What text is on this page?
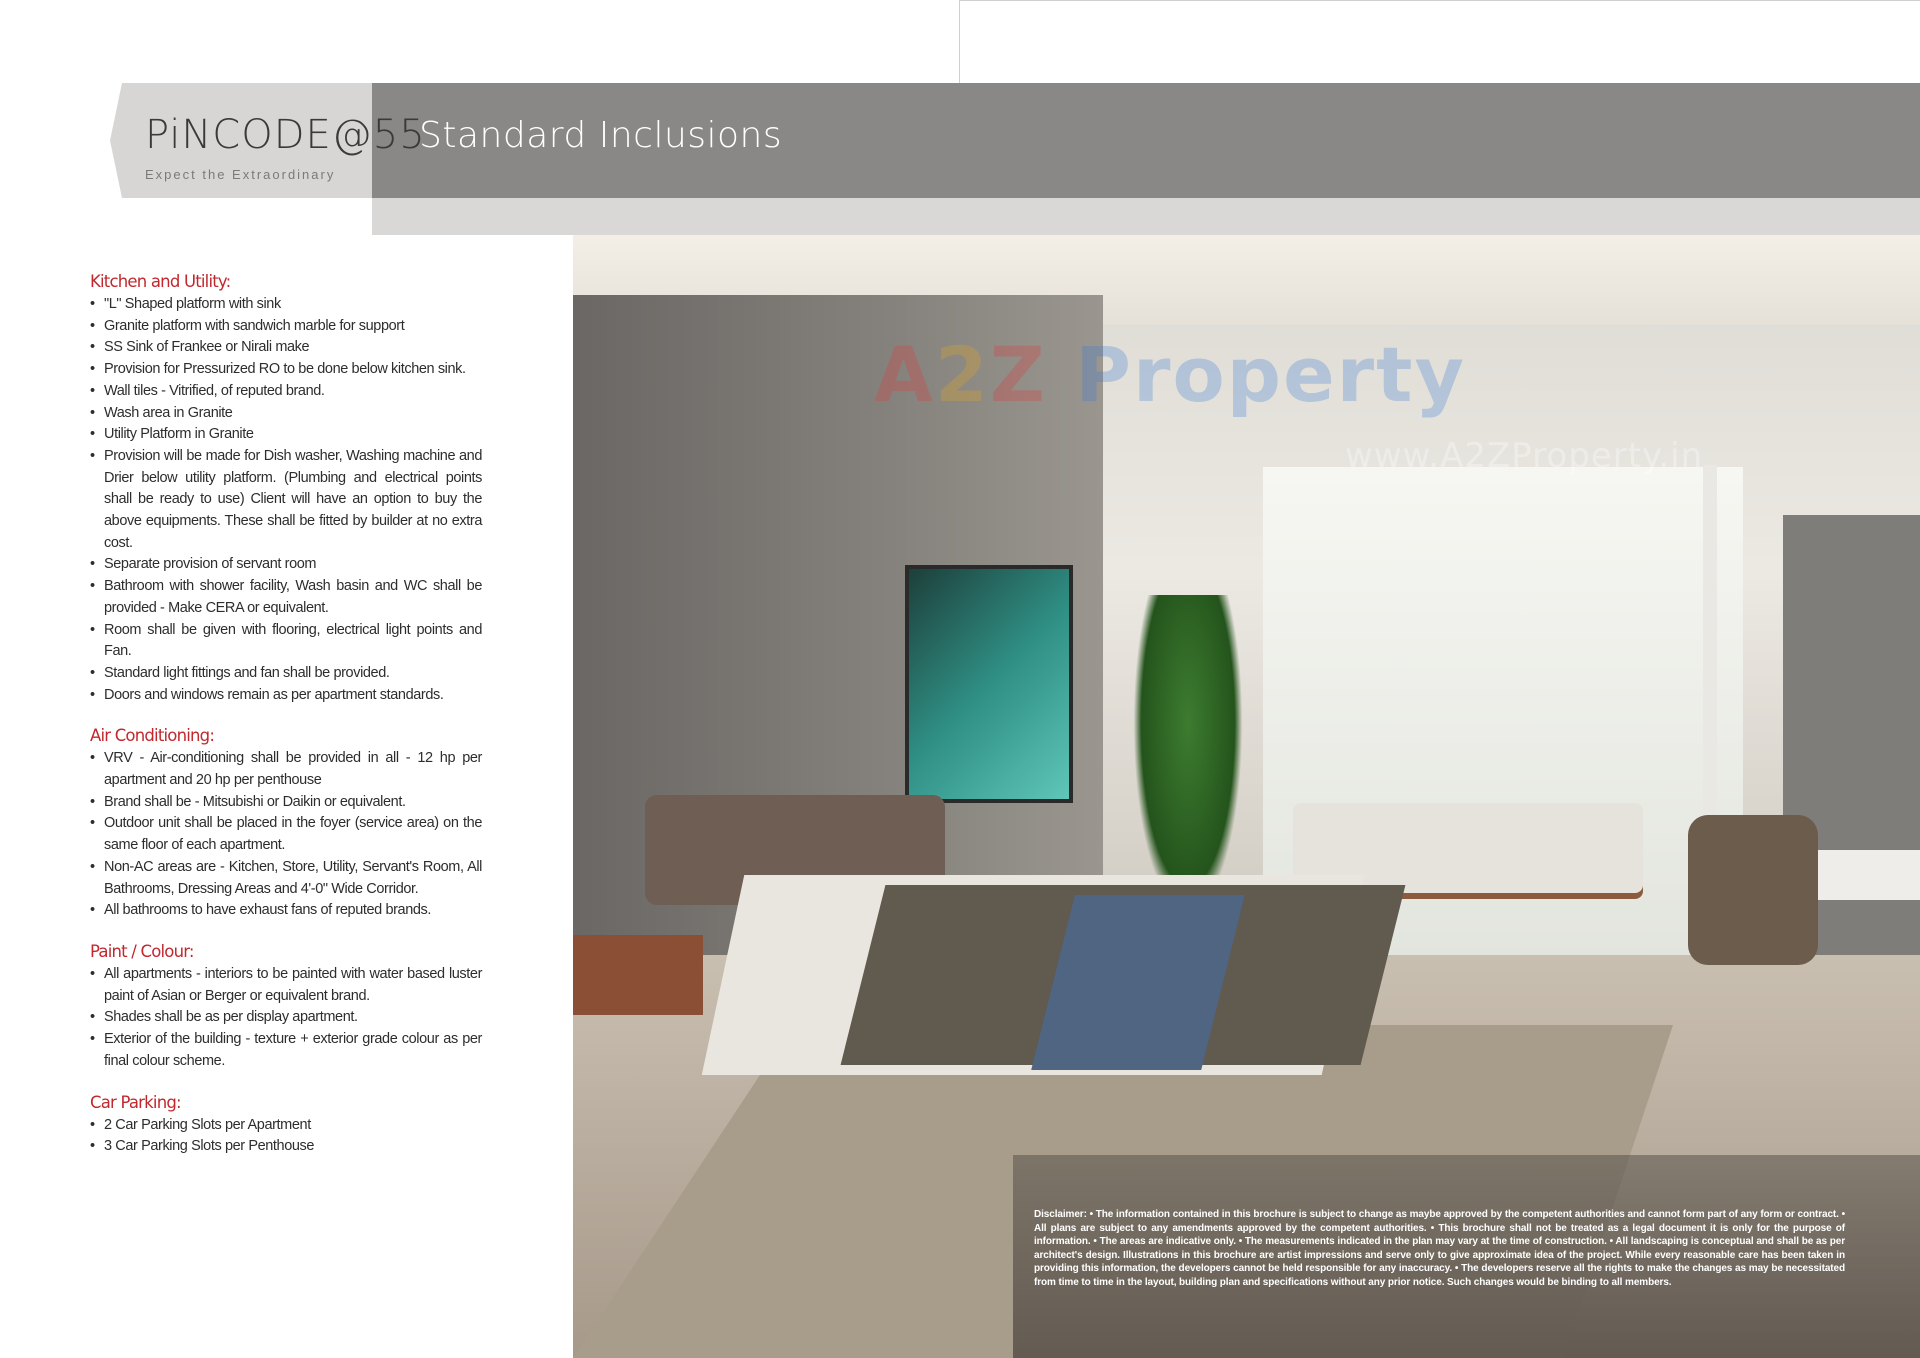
PiNCODE@55
Expect the Extraordinary
Standard Inclusions
Kitchen and Utility:
• "L" Shaped platform with sink
• Granite platform with sandwich marble for support
• SS Sink of Frankee or Nirali make
• Provision for Pressurized RO to be done below kitchen sink.
• Wall tiles - Vitrified, of reputed brand.
• Wash area in Granite
• Utility Platform in Granite
• Provision will be made for Dish washer, Washing machine and Drier below utility platform. (Plumbing and electrical points shall be ready to use) Client will have an option to buy the above equipments. These shall be fitted by builder at no extra cost.
• Separate provision of servant room
• Bathroom with shower facility, Wash basin and WC shall be provided - Make CERA or equivalent.
• Room shall be given with flooring, electrical light points and Fan.
• Standard light fittings and fan shall be provided.
• Doors and windows remain as per apartment standards.
Air Conditioning:
• VRV - Air-conditioning shall be provided in all - 12 hp per apartment and 20 hp per penthouse
• Brand shall be - Mitsubishi or Daikin or equivalent.
• Outdoor unit shall be placed in the foyer (service area) on the same floor of each apartment.
• Non-AC areas are - Kitchen, Store, Utility, Servant's Room, All Bathrooms, Dressing Areas and 4'-0" Wide Corridor.
• All bathrooms to have exhaust fans of reputed brands.
Paint / Colour:
• All apartments - interiors to be painted with water based luster paint of Asian or Berger or equivalent brand.
• Shades shall be as per display apartment.
• Exterior of the building - texture + exterior grade colour as per final colour scheme.
Car Parking:
• 2 Car Parking Slots per Apartment
• 3 Car Parking Slots per Penthouse
A2Z Property
www.A2ZProperty.in
Disclaimer: • The information contained in this brochure is subject to change as maybe approved by the competent authorities and cannot form part of any form or contract. • All plans are subject to any amendments approved by the competent authorities. • This brochure shall not be treated as a legal document it is only for the purpose of information. • The areas are indicative only. • The measurements indicated in the plan may vary at the time of construction. • All landscaping is conceptual and shall be as per architect's design. Illustrations in this brochure are artist impressions and serve only to give approximate idea of the project. While every reasonable care has been taken in providing this information, the developers cannot be held responsible for any inaccuracy. • The developers reserve all the rights to make the changes as may be necessitated from time to time in the layout, building plan and specifications without any prior notice. Such changes would be binding to all members.
